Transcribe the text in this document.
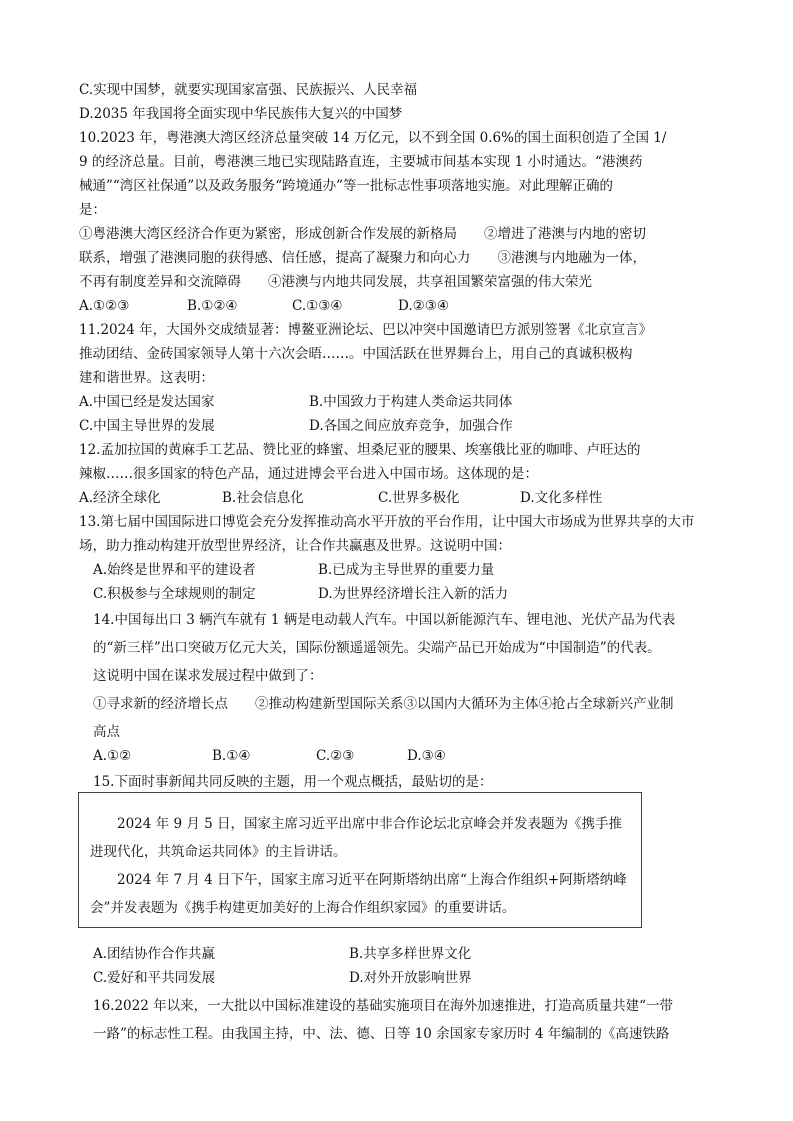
C.实现中国梦，就要实现国家富强、民族振兴、人民幸福
D.2035 年我国将全面实现中华民族伟大复兴的中国梦
10.2023 年，粤港澳大湾区经济总量突破 14 万亿元，以不到全国 0.6%的国土面积创造了全国 1/
9 的经济总量。目前，粤港澳三地已实现陆路直连，主要城市间基本实现 1 小时通达。“港澳药
械通”“湾区社保通”以及政务服务“跨境通办”等一批标志性事项落地实施。对此理解正确的
是：
①粤港澳大湾区经济合作更为紧密，形成创新合作发展的新格局　　②增进了港澳与内地的密切
联系，增强了港澳同胞的获得感、信任感，提高了凝聚力和向心力　　③港澳与内地融为一体，
不再有制度差异和交流障碍　　④港澳与内地共同发展，共享祖国繁荣富强的伟大荣光
A.①②③	B.①②④	C.①③④	D.②③④
11.2024 年，大国外交成绩显著：博鳌亚洲论坛、巴以冲突中国邀请巴方派别签署《北京宣言》
推动团结、金砖国家领导人第十六次会晤……。中国活跃在世界舞台上，用自己的真诚积极构
建和谐世界。这表明：
A.中国已经是发达国家	B.中国致力于构建人类命运共同体
C.中国主导世界的发展	D.各国之间应放弃竞争，加强合作
12.孟加拉国的黄麻手工艺品、赞比亚的蜂蜜、坦桑尼亚的腰果、埃塞俄比亚的咖啡、卢旺达的
辣椒……很多国家的特色产品，通过进博会平台进入中国市场。这体现的是：
A.经济全球化	B.社会信息化	C.世界多极化	D.文化多样性
13.第七届中国国际进口博览会充分发挥推动高水平开放的平台作用，让中国大市场成为世界共享的大市
场，助力推动构建开放型世界经济，让合作共赢惠及世界。这说明中国：
A.始终是世界和平的建设者	B.已成为主导世界的重要力量
C.积极参与全球规则的制定	D.为世界经济增长注入新的活力
14.中国每出口 3 辆汽车就有 1 辆是电动载人汽车。中国以新能源汽车、锂电池、光伏产品为代表
的“新三样”出口突破万亿元大关，国际份额遥遥领先。尖端产品已开始成为“中国制造”的代表。
这说明中国在谋求发展过程中做到了：
①寻求新的经济增长点　　②推动构建新型国际关系③以国内大循环为主体④抢占全球新兴产业制
高点
A.①②	B.①④	C.②③	D.③④
15.下面时事新闻共同反映的主题，用一个观点概括，最贴切的是：
　　2024 年 9 月 5 日，国家主席习近平出席中非合作论坛北京峰会并发表题为《携手推
进现代化，共筑命运共同体》的主旨讲话。
　　2024 年 7 月 4 日下午，国家主席习近平在阿斯塔纳出席“上海合作组织+阿斯塔纳峰
会”并发表题为《携手构建更加美好的上海合作组织家园》的重要讲话。
A.团结协作合作共赢	B.共享多样世界文化
C.爱好和平共同发展	D.对外开放影响世界
16.2022 年以来，一大批以中国标准建设的基础实施项目在海外加速推进，打造高质量共建“一带
一路”的标志性工程。由我国主持，中、法、德、日等 10 余国家专家历时 4 年编制的《高速铁路
